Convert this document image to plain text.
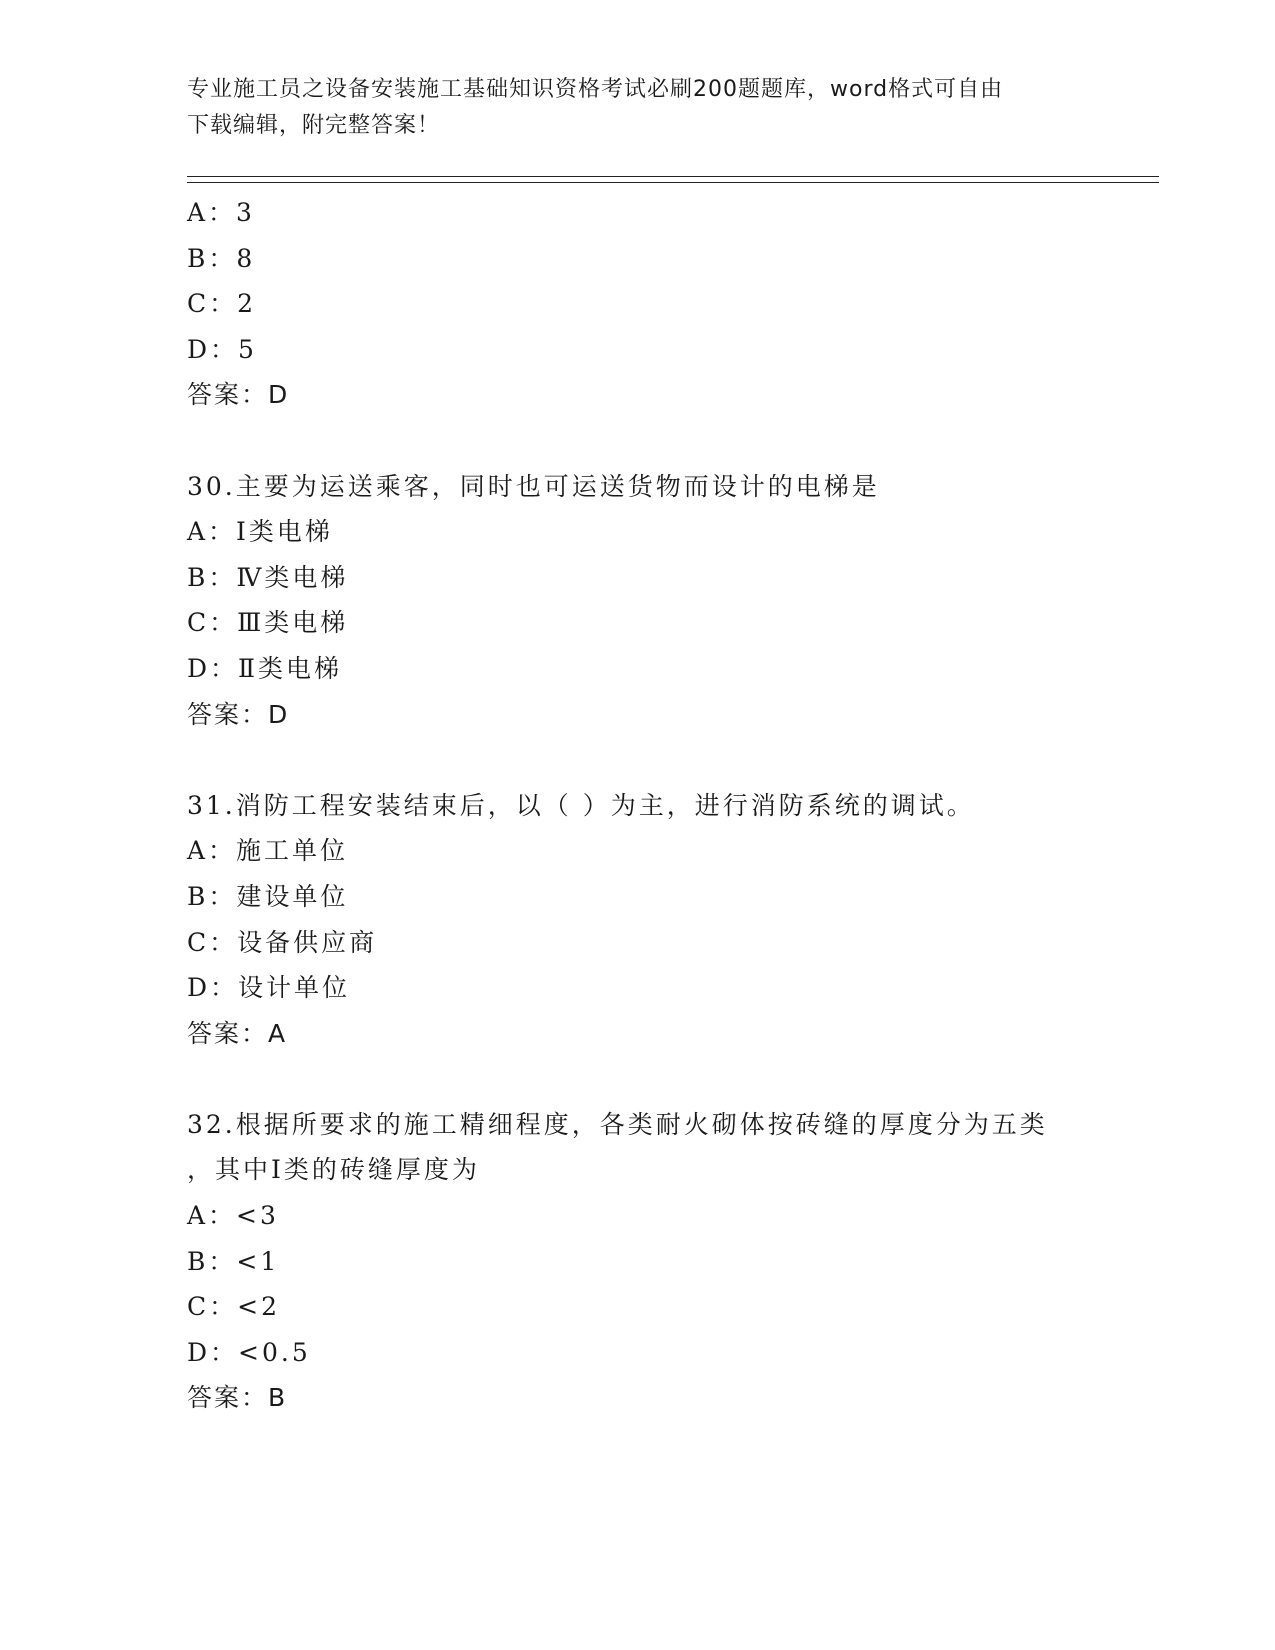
专业施工员之设备安装施工基础知识资格考试必刷200题题库，word格式可自由
下载编辑，附完整答案！
A：3
B：8
C：2
D：5
答案：D
30.主要为运送乘客，同时也可运送货物而设计的电梯是
A：Ⅰ类电梯
B：Ⅳ类电梯
C：Ⅲ类电梯
D：Ⅱ类电梯
答案：D
31.消防工程安装结束后，以（ ）为主，进行消防系统的调试。
A：施工单位
B：建设单位
C：设备供应商
D：设计单位
答案：A
32.根据所要求的施工精细程度，各类耐火砌体按砖缝的厚度分为五类
，其中Ⅰ类的砖缝厚度为
A：<3
B：<1
C：<2
D：<0.5
答案：B
